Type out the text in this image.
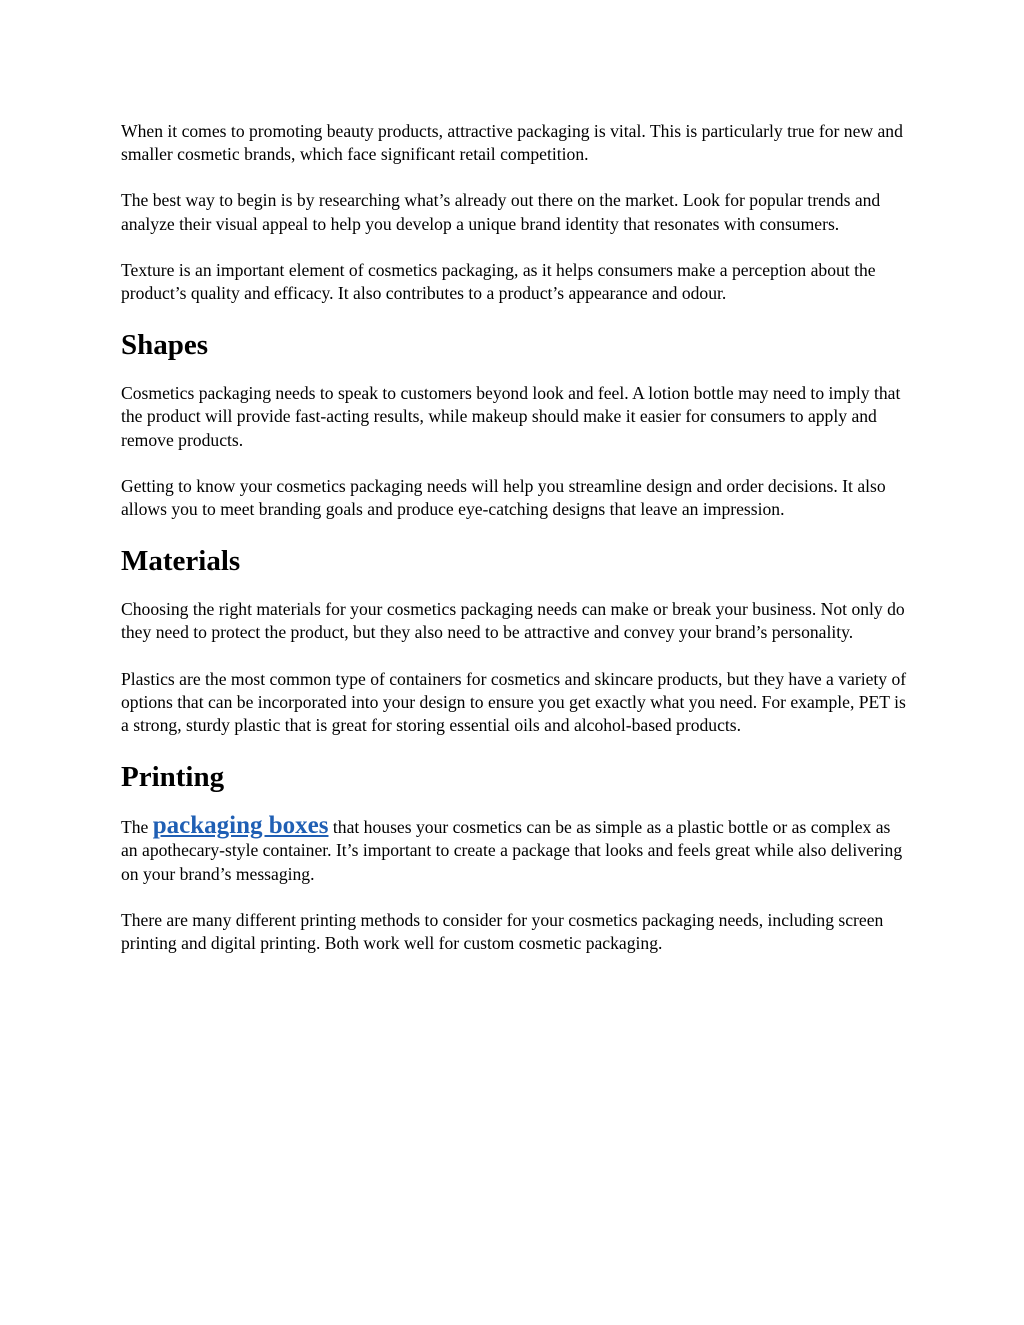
When it comes to promoting beauty products, attractive packaging is vital. This is particularly true for new and smaller cosmetic brands, which face significant retail competition.

The best way to begin is by researching what’s already out there on the market. Look for popular trends and analyze their visual appeal to help you develop a unique brand identity that resonates with consumers.

Texture is an important element of cosmetics packaging, as it helps consumers make a perception about the product’s quality and efficacy. It also contributes to a product’s appearance and odour.

Shapes

Cosmetics packaging needs to speak to customers beyond look and feel. A lotion bottle may need to imply that the product will provide fast-acting results, while makeup should make it easier for consumers to apply and remove products.

Getting to know your cosmetics packaging needs will help you streamline design and order decisions. It also allows you to meet branding goals and produce eye-catching designs that leave an impression.

Materials

Choosing the right materials for your cosmetics packaging needs can make or break your business. Not only do they need to protect the product, but they also need to be attractive and convey your brand’s personality.

Plastics are the most common type of containers for cosmetics and skincare products, but they have a variety of options that can be incorporated into your design to ensure you get exactly what you need. For example, PET is a strong, sturdy plastic that is great for storing essential oils and alcohol-based products.

Printing

The packaging boxes that houses your cosmetics can be as simple as a plastic bottle or as complex as an apothecary-style container. It’s important to create a package that looks and feels great while also delivering on your brand’s messaging.

There are many different printing methods to consider for your cosmetics packaging needs, including screen printing and digital printing. Both work well for custom cosmetic packaging.
